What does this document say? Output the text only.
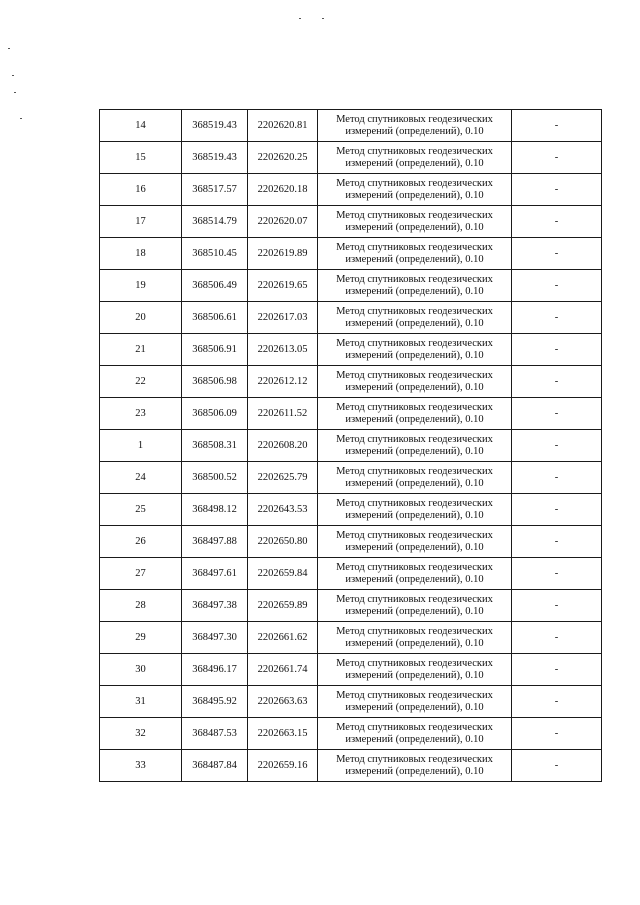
14	368519.43	2202620.81	Метод спутниковых геодезических
измерений (определений), 0.10	-
15	368519.43	2202620.25	Метод спутниковых геодезических
измерений (определений), 0.10	-
16	368517.57	2202620.18	Метод спутниковых геодезических
измерений (определений), 0.10	-
17	368514.79	2202620.07	Метод спутниковых геодезических
измерений (определений), 0.10	-
18	368510.45	2202619.89	Метод спутниковых геодезических
измерений (определений), 0.10	-
19	368506.49	2202619.65	Метод спутниковых геодезических
измерений (определений), 0.10	-
20	368506.61	2202617.03	Метод спутниковых геодезических
измерений (определений), 0.10	-
21	368506.91	2202613.05	Метод спутниковых геодезических
измерений (определений), 0.10	-
22	368506.98	2202612.12	Метод спутниковых геодезических
измерений (определений), 0.10	-
23	368506.09	2202611.52	Метод спутниковых геодезических
измерений (определений), 0.10	-
1	368508.31	2202608.20	Метод спутниковых геодезических
измерений (определений), 0.10	-
24	368500.52	2202625.79	Метод спутниковых геодезических
измерений (определений), 0.10	-
25	368498.12	2202643.53	Метод спутниковых геодезических
измерений (определений), 0.10	-
26	368497.88	2202650.80	Метод спутниковых геодезических
измерений (определений), 0.10	-
27	368497.61	2202659.84	Метод спутниковых геодезических
измерений (определений), 0.10	-
28	368497.38	2202659.89	Метод спутниковых геодезических
измерений (определений), 0.10	-
29	368497.30	2202661.62	Метод спутниковых геодезических
измерений (определений), 0.10	-
30	368496.17	2202661.74	Метод спутниковых геодезических
измерений (определений), 0.10	-
31	368495.92	2202663.63	Метод спутниковых геодезических
измерений (определений), 0.10	-
32	368487.53	2202663.15	Метод спутниковых геодезических
измерений (определений), 0.10	-
33	368487.84	2202659.16	Метод спутниковых геодезических
измерений (определений), 0.10	-
